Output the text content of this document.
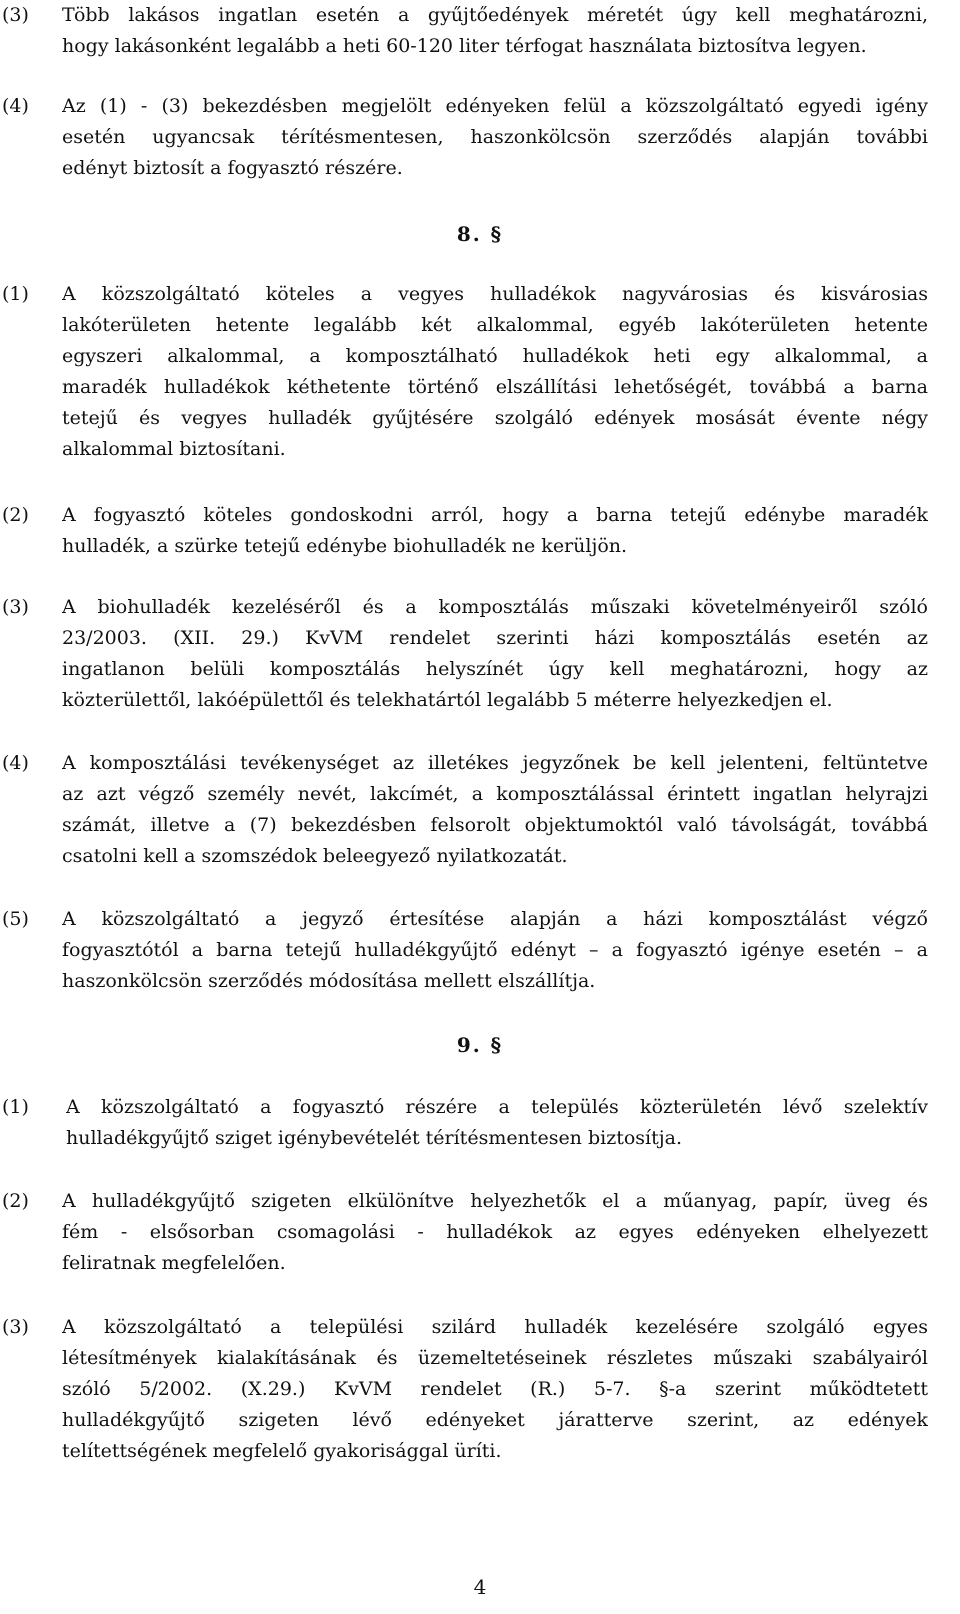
(3) Több lakásos ingatlan esetén a gyűjtőedények méretét úgy kell meghatározni,
hogy lakásonként legalább a heti 60-120 liter térfogat használata biztosítva legyen.
(4) Az (1) - (3) bekezdésben megjelölt edényeken felül a közszolgáltató egyedi igény
esetén ugyancsak térítésmentesen, haszonkölcsön szerződés alapján további
edényt biztosít a fogyasztó részére.
8. §
(1) A közszolgáltató köteles a vegyes hulladékok nagyvárosias és kisvárosias
lakóterületen hetente legalább két alkalommal, egyéb lakóterületen hetente
egyszeri alkalommal, a komposztálható hulladékok heti egy alkalommal, a
maradék hulladékok kéthetente történő elszállítási lehetőségét, továbbá a barna
tetejű és vegyes hulladék gyűjtésére szolgáló edények mosását évente négy
alkalommal biztosítani.
(2) A fogyasztó köteles gondoskodni arról, hogy a barna tetejű edénybe maradék
hulladék, a szürke tetejű edénybe biohulladék ne kerüljön.
(3) A biohulladék kezeléséről és a komposztálás műszaki követelményeiről szóló
23/2003. (XII. 29.) KvVM rendelet szerinti házi komposztálás esetén az
ingatlanon belüli komposztálás helyszínét úgy kell meghatározni, hogy az
közterülettől, lakóépülettől és telekhatártól legalább 5 méterre helyezkedjen el.
(4) A komposztálási tevékenységet az illetékes jegyzőnek be kell jelenteni, feltüntetve
az azt végző személy nevét, lakcímét, a komposztálással érintett ingatlan helyrajzi
számát, illetve a (7) bekezdésben felsorolt objektumoktól való távolságát, továbbá
csatolni kell a szomszédok beleegyező nyilatkozatát.
(5) A közszolgáltató a jegyző értesítése alapján a házi komposztálást végző
fogyasztótól a barna tetejű hulladékgyűjtő edényt – a fogyasztó igénye esetén – a
haszonkölcsön szerződés módosítása mellett elszállítja.
9. §
(1) A közszolgáltató a fogyasztó részére a település közterületén lévő szelektív
hulladékgyűjtő sziget igénybevételét térítésmentesen biztosítja.
(2) A hulladékgyűjtő szigeten elkülönítve helyezhetők el a műanyag, papír, üveg és
fém - elsősorban csomagolási - hulladékok az egyes edényeken elhelyezett
feliratnak megfelelően.
(3) A közszolgáltató a települési szilárd hulladék kezelésére szolgáló egyes
létesítmények kialakításának és üzemeltetéseinek részletes műszaki szabályairól
szóló 5/2002. (X.29.) KvVM rendelet (R.) 5-7. §-a szerint működtetett
hulladékgyűjtő szigeten lévő edényeket járatterve szerint, az edények
telítettségének megfelelő gyakorisággal üríti.
4
